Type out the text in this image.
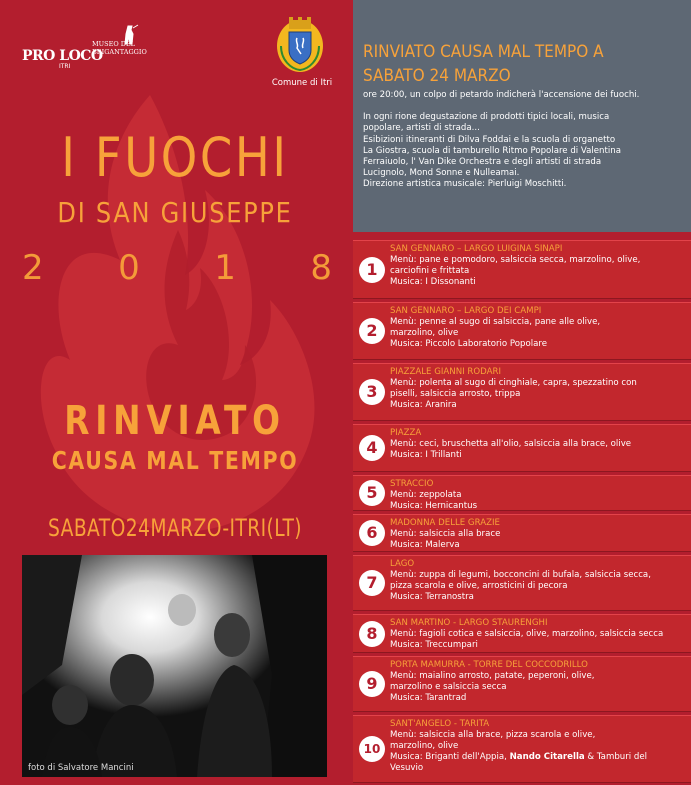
PRO LOCO
ITRI
MUSEO DEL
BRIGANTAGGIO
Comune di Itri
I FUOCHI
DI SAN GIUSEPPE
2 0 1 8
RINVIATO
CAUSA MAL TEMPO
SABATO24MARZO-ITRI(LT)
foto di Salvatore Mancini
RINVIATO CAUSA MAL TEMPO A
SABATO 24 MARZO

ore 20:00, un colpo di petardo indicherà l'accensione dei fuochi.

In ogni rione degustazione di prodotti tipici locali, musica

popolare, artisti di strada...

Esibizioni itineranti di Dilva Foddai e la scuola di organetto

La Giostra, scuola di tamburello Ritmo Popolare di Valentina

Ferraiuolo, l' Van Dike Orchestra e degli artisti di strada

Lucignolo, Mond Sonne e Nulleamai.

Direzione artistica musicale: Pierluigi Moschitti.

1
SAN GENNARO – LARGO LUIGINA SINAPI
Menù: pane e pomodoro, salsiccia secca, marzolino, olive,
carciofini e frittata
Musica: I Dissonanti
2
SAN GENNARO – LARGO DEI CAMPI
Menù: penne al sugo di salsiccia, pane alle olive,
marzolino, olive
Musica: Piccolo Laboratorio Popolare
3
PIAZZALE GIANNI RODARI
Menù: polenta al sugo di cinghiale, capra, spezzatino con
piselli, salsiccia arrosto, trippa
Musica: Aranira
4
PIAZZA
Menù: ceci, bruschetta all'olio, salsiccia alla brace, olive
Musica: I Trillanti
5	STRACCIO
Menù: zeppolata
Musica: Hernicantus
6	MADONNA DELLE GRAZIE
Menù: salsiccia alla brace
Musica: Malerva
7
LAGO
Menù: zuppa di legumi, bocconcini di bufala, salsiccia secca,
pizza scarola e olive, arrosticini di pecora
Musica: Terranostra
8
SAN MARTINO - LARGO STAURENGHI
Menù: fagioli cotica e salsiccia, olive, marzolino, salsiccia secca
Musica: Treccumpari
9
PORTA MAMURRA - TORRE DEL COCCODRILLO
Menù: maialino arrosto, patate, peperoni, olive,
marzolino e salsiccia secca
Musica: Tarantrad
10
SANT'ANGELO - TARITA
Menù: salsiccia alla brace, pizza scarola e olive,
marzolino, olive
Musica: Briganti dell'Appia, Nando Citarella & Tamburi del
Vesuvio
